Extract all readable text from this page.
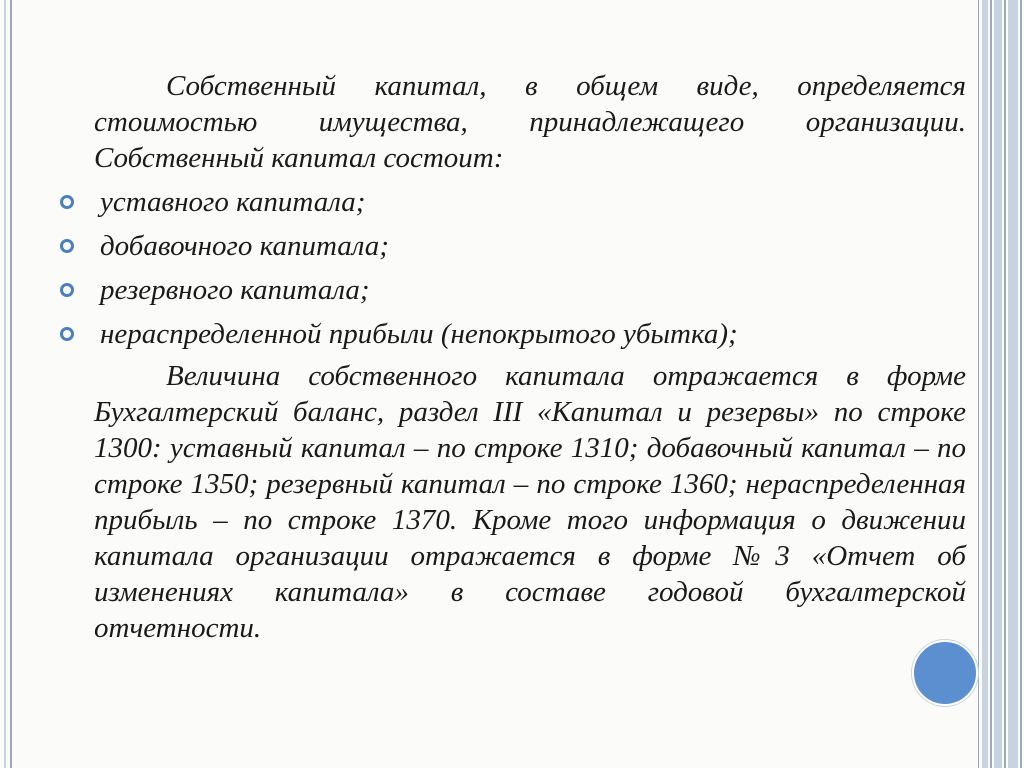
Собственный капитал, в общем виде, определяется стоимостью имущества, принадлежащего организации. Собственный капитал состоит:

уставного капитала;
добавочного капитала;
резервного капитала;
нераспределенной прибыли (непокрытого убытка);

Величина собственного капитала отражается в форме Бухгалтерский баланс, раздел III «Капитал и резервы» по строке 1300: уставный капитал – по строке 1310; добавочный капитал – по строке 1350; резервный капитал – по строке 1360; нераспределенная прибыль – по строке 1370. Кроме того информация о движении капитала организации отражается в форме №3 «Отчет об изменениях капитала» в составе годовой бухгалтерской отчетности.
